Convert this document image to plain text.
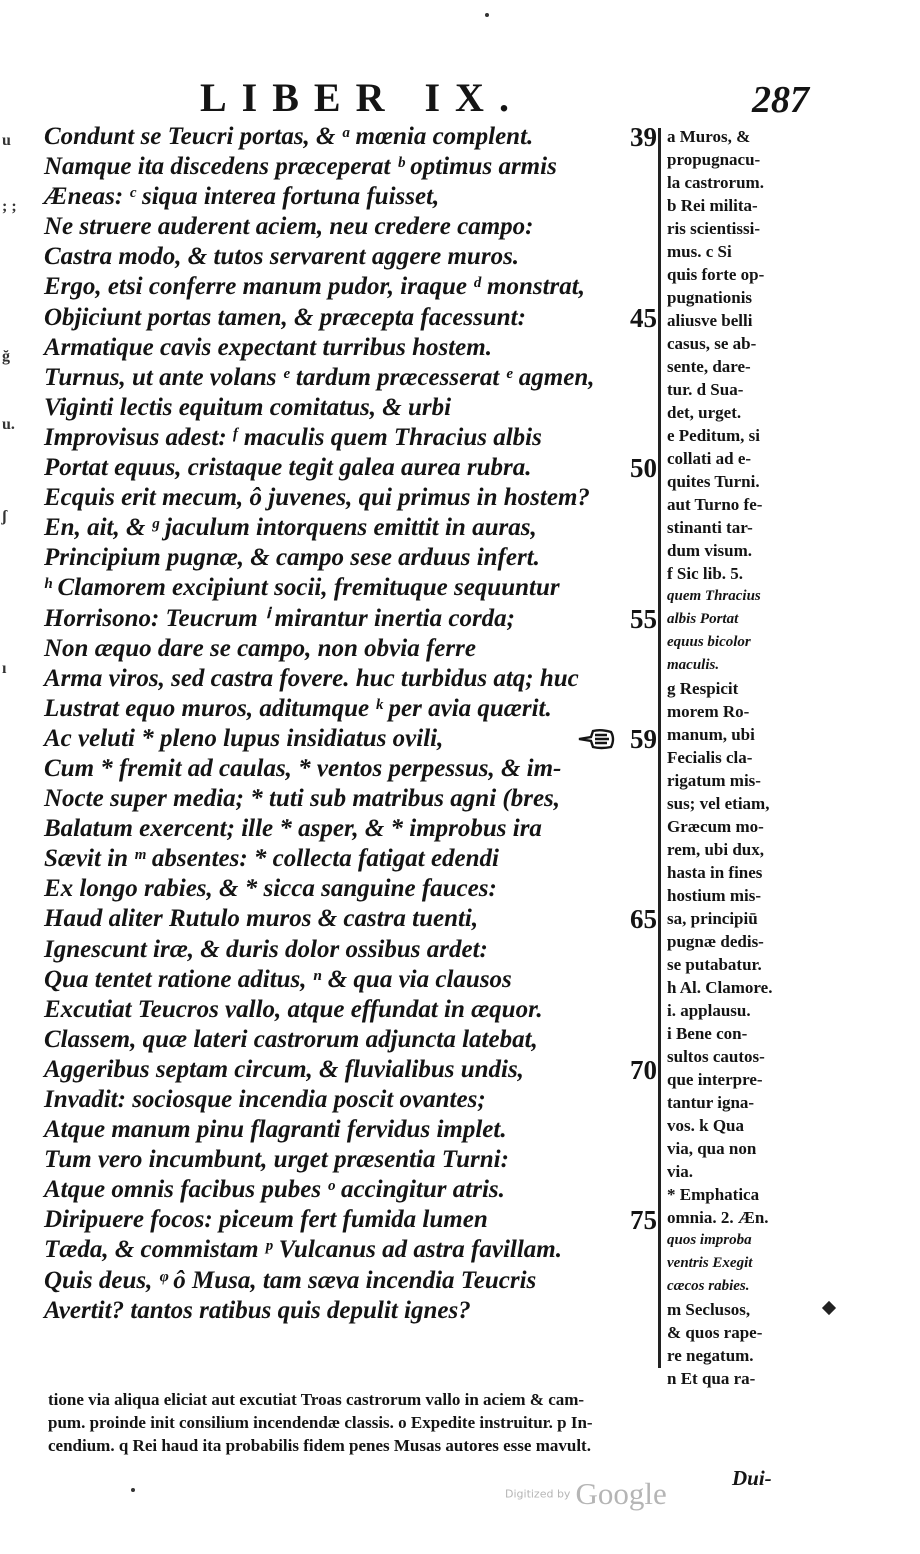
LIBER IX.	287
u
; ;
ğ
u.
ʃ
ı
Condunt se Teucri portas, & ᵃ mœnia complent.	39
Namque ita discedens præceperat ᵇ optimus armis
Æneas: ᶜ siqua interea fortuna fuisset,
Ne struere auderent aciem, neu credere campo:
Castra modo, & tutos servarent aggere muros.
Ergo, etsi conferre manum pudor, iraque ᵈ monstrat,
Objiciunt portas tamen, & præcepta facessunt:	45
Armatique cavis expectant turribus hostem.
Turnus, ut ante volans ᵉ tardum præcesserat ᵉ agmen,
Viginti lectis equitum comitatus, & urbi
Improvisus adest: ᶠ maculis quem Thracius albis
Portat equus, cristaque tegit galea aurea rubra.	50
Ecquis erit mecum, ô juvenes, qui primus in hostem?
En, ait, & ᵍ jaculum intorquens emittit in auras,
Principium pugnæ, & campo sese arduus infert.
ʰ Clamorem excipiunt socii, fremituque sequuntur
Horrisono: Teucrum ⁱ mirantur inertia corda;	55
Non æquo dare se campo, non obvia ferre
Arma viros, sed castra fovere. huc turbidus atq; huc
Lustrat equo muros, aditumque ᵏ per avia quærit.
Ac veluti * pleno lupus insidiatus ovili,	59
Cum * fremit ad caulas, * ventos perpessus, & im-
Nocte super media; * tuti sub matribus agni (bres,
Balatum exercent; ille * asper, & * improbus ira
Sævit in ᵐ absentes: * collecta fatigat edendi
Ex longo rabies, & * sicca sanguine fauces:
Haud aliter Rutulo muros & castra tuenti,	65
Ignescunt iræ, & duris dolor ossibus ardet:
Qua tentet ratione aditus, ⁿ & qua via clausos
Excutiat Teucros vallo, atque effundat in æquor.
Classem, quæ lateri castrorum adjuncta latebat,
Aggeribus septam circum, & fluvialibus undis,	70
Invadit: sociosque incendia poscit ovantes;
Atque manum pinu flagranti fervidus implet.
Tum vero incumbunt, urget præsentia Turni:
Atque omnis facibus pubes ᵒ accingitur atris.
Diripuere focos: piceum fert fumida lumen	75
Tæda, & commistam ᵖ Vulcanus ad astra favillam.
Quis deus, ᵠ ô Musa, tam sæva incendia Teucris
Avertit? tantos ratibus quis depulit ignes?
a Muros, &
propugnacu-
la castrorum.
b Rei milita-
ris scientissi-
mus. c Si
quis forte op-
pugnationis
aliusve belli
casus, se ab-
sente, dare-
tur. d Sua-
det, urget.
e Peditum, si
collati ad e-
quites Turni.
aut Turno fe-
stinanti tar-
dum visum.
f Sic lib. 5.
quem Thracius
albis Portat
equus bicolor
maculis.
g Respicit
morem Ro-
manum, ubi
Fecialis cla-
rigatum mis-
sus; vel etiam,
Græcum mo-
rem, ubi dux,
hasta in fines
hostium mis-
sa, principiū
pugnæ dedis-
se putabatur.
h Al. Clamore.
i. applausu.
i Bene con-
sultos cautos-
que interpre-
tantur igna-
vos. k Qua
via, qua non
via.
* Emphatica
omnia. 2. Æn.
quos improba
ventris Exegit
cæcos rabies.
m Seclusos,
& quos rape-
re negatum.
n Et qua ra-
tione via aliqua eliciat aut excutiat Troas castrorum vallo in aciem & cam-
pum. proinde init consilium incendendæ classis. o Expedite instruitur. p In-
cendium. q Rei haud ita probabilis fidem penes Musas autores esse mavult.
Digitized by Google	Dui-
